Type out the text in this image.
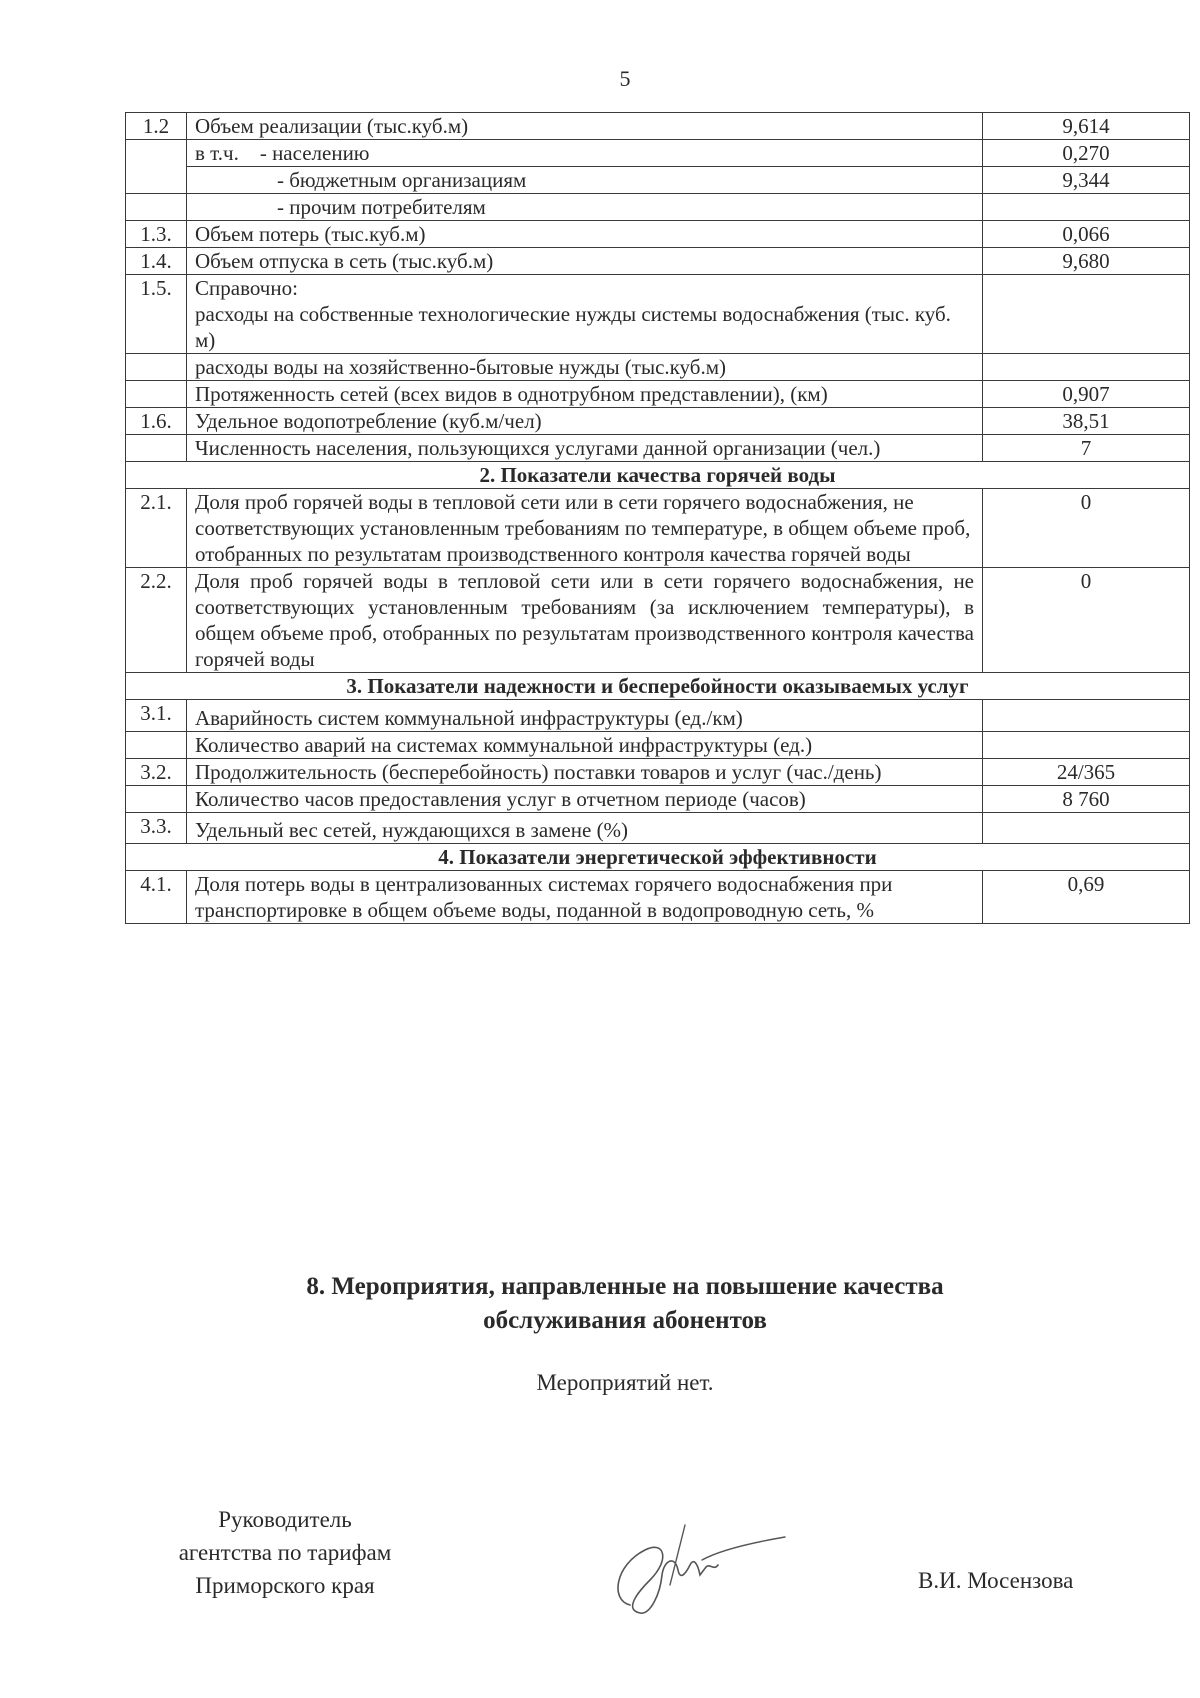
5
1.2	Объем реализации (тыс.куб.м)	9,614
	в т.ч.    - населению	0,270
	- бюджетным организациям	9,344
	- прочим потребителям	
1.3.	Объем потерь (тыс.куб.м)	0,066
1.4.	Объем отпуска в сеть (тыс.куб.м)	9,680
1.5.	Справочно:
расходы на собственные технологические нужды системы водоснабжения (тыс. куб. м)	

	расходы воды на хозяйственно-бытовые нужды (тыс.куб.м)	
	Протяженность сетей (всех видов в однотрубном представлении), (км)	0,907
1.6.	Удельное водопотребление (куб.м/чел)	38,51
	Численность населения, пользующихся услугами данной организации (чел.)	7
2. Показатели качества горячей воды		
2.1.	Доля проб горячей воды в тепловой сети или в сети горячего водоснабжения, не соответствующих установленным требованиям по температуре, в общем объеме проб, отобранных по результатам производственного контроля качества горячей воды	0
2.2.	Доля проб горячей воды в тепловой сети или в сети горячего водоснабжения, не соответствующих установленным требованиям (за исключением температуры), в общем объеме проб, отобранных по результатам производственного контроля качества горячей воды	0
3. Показатели надежности и бесперебойности оказываемых услуг		
3.1.	Аварийность систем коммунальной инфраструктуры (ед./км)	
	Количество аварий на системах коммунальной инфраструктуры (ед.)	
3.2.	Продолжительность (бесперебойность) поставки товаров и услуг (час./день)	24/365
	Количество часов предоставления услуг в отчетном периоде (часов)	8 760
3.3.	Удельный вес сетей, нуждающихся в замене (%)	
4. Показатели энергетической эффективности		
4.1.	Доля потерь воды в централизованных системах горячего водоснабжения при транспортировке в общем объеме воды, поданной в водопроводную сеть, %	0,69
8. Мероприятия, направленные на повышение качества
обслуживания абонентов
Мероприятий нет.
Руководитель
агентства по тарифам
Приморского края	В.И. Мосензова
